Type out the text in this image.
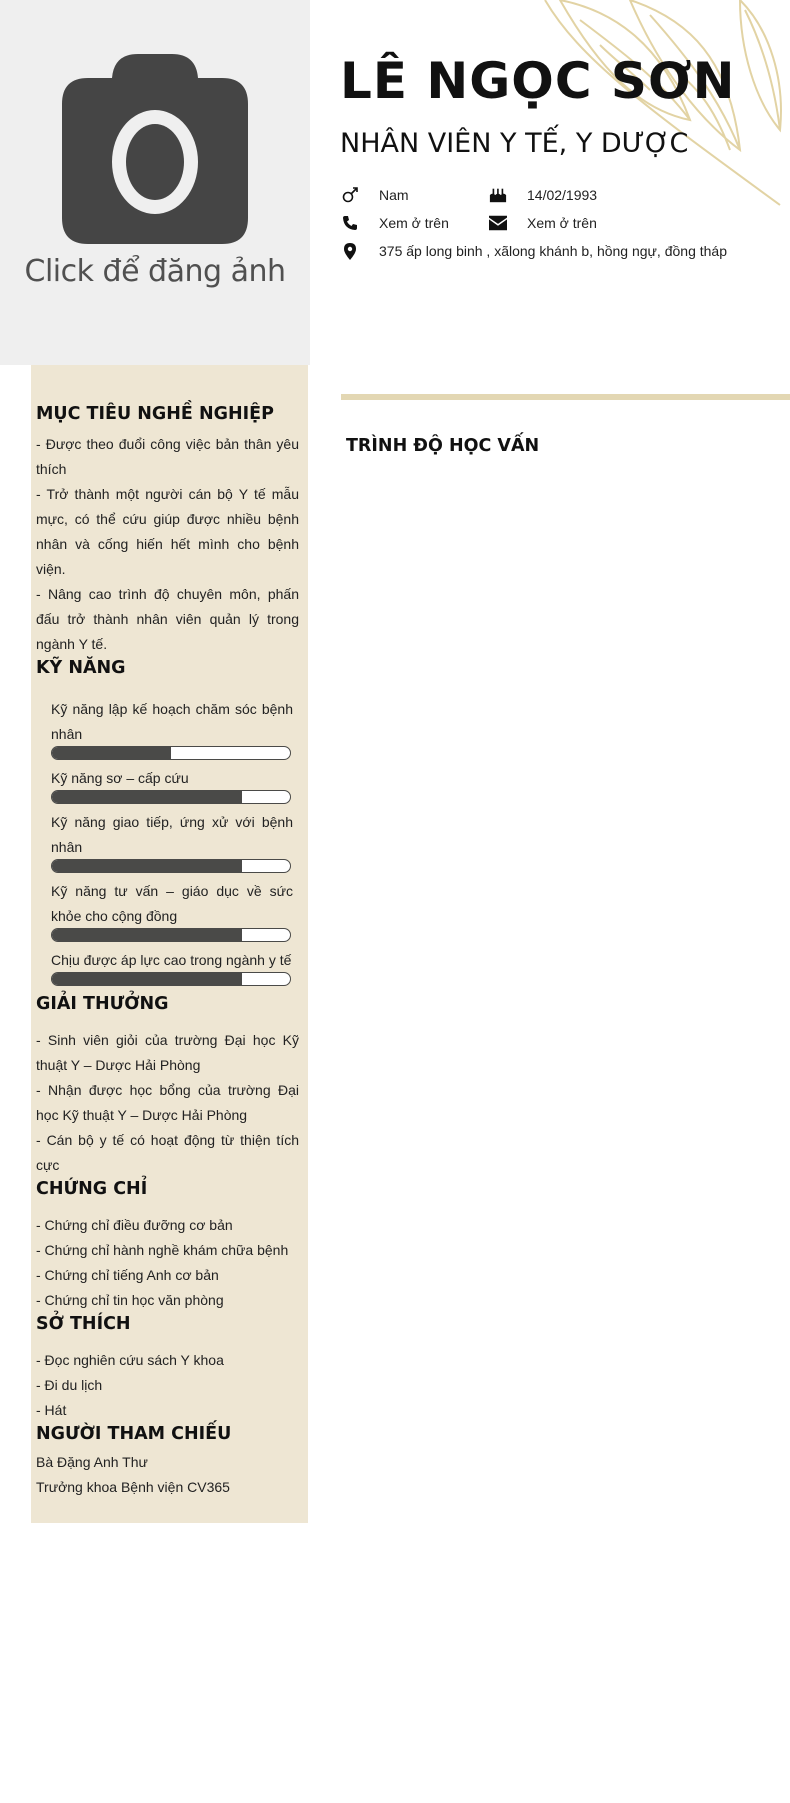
Click để đăng ảnh
LÊ NGỌC SƠN
NHÂN VIÊN Y TẾ, Y DƯỢC
Nam	14/02/1993
Xem ở trên	Xem ở trên
375 ấp long binh , xãlong khánh b, hồng ngự, đồng tháp
MỤC TIÊU NGHỀ NGHIỆP
- Được theo đuổi công việc bản thân yêu thích
- Trở thành một người cán bộ Y tế mẫu mực, có thể cứu giúp được nhiều bệnh nhân và cống hiến hết mình cho bệnh viện.
- Nâng cao trình độ chuyên môn, phấn đấu trở thành nhân viên quản lý trong ngành Y tế.
KỸ NĂNG
Kỹ năng lập kế hoạch chăm sóc bệnh nhân
Kỹ năng sơ – cấp cứu
Kỹ năng giao tiếp, ứng xử với bệnh nhân
Kỹ năng tư vấn – giáo dục về sức khỏe cho cộng đồng
Chịu được áp lực cao trong ngành y tế
GIẢI THƯỞNG
- Sinh viên giỏi của trường Đại học Kỹ thuật Y – Dược Hải Phòng
- Nhận được học bổng của trường Đại học Kỹ thuật Y – Dược Hải Phòng
- Cán bộ y tế có hoạt động từ thiện tích cực
CHỨNG CHỈ
- Chứng chỉ điều đưỡng cơ bản
- Chứng chỉ hành nghề khám chữa bệnh
- Chứng chỉ tiếng Anh cơ bản
- Chứng chỉ tin học văn phòng
SỞ THÍCH
- Đọc nghiên cứu sách Y khoa
- Đi du lịch
- Hát
NGƯỜI THAM CHIẾU
Bà Đặng Anh Thư
Trưởng khoa Bệnh viện CV365
TRÌNH ĐỘ HỌC VẤN
